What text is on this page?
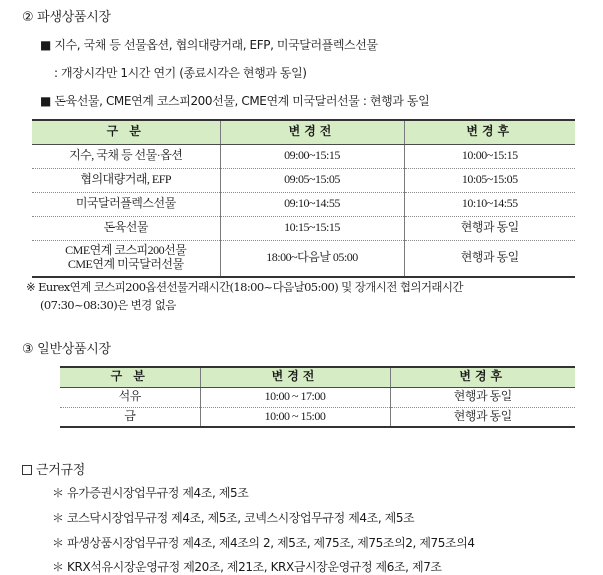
② 파생상품시장
■ 지수, 국채 등 선물옵션, 협의대량거래, EFP, 미국달러플렉스선물
: 개장시각만 1시간 연기 (종료시각은 현행과 동일)
■ 돈육선물, CME연계 코스피200선물, CME연계 미국달러선물 : 현행과 동일
구 분	변경전	변경후
지수, 국채 등 선물·옵션	09:00~15:15	10:00~15:15
협의대량거래, EFP	09:05~15:05	10:05~15:05
미국달러플렉스선물	09:10~14:55	10:10~14:55
돈육선물	10:15~15:15	현행과 동일

CME연계 코스피200선물
CME연계 미국달러선물	18:00~다음날 05:00	현행과 동일
※ Eurex연계 코스피200옵션선물거래시간(18:00~다음날05:00) 및 장개시전 협의거래시간
(07:30~08:30)은 변경 없음
③ 일반상품시장
구 분	변경전	변경후
석유	10:00 ~ 17:00	현행과 동일
금	10:00 ~ 15:00	현행과 동일
근거규정
＊ 유가증권시장업무규정 제4조, 제5조
＊ 코스닥시장업무규정 제4조, 제5조, 코넥스시장업무규정 제4조, 제5조
＊ 파생상품시장업무규정 제4조, 제4조의 2, 제5조, 제75조, 제75조의2, 제75조의4
＊ KRX석유시장운영규정 제20조, 제21조, KRX금시장운영규정 제6조, 제7조
